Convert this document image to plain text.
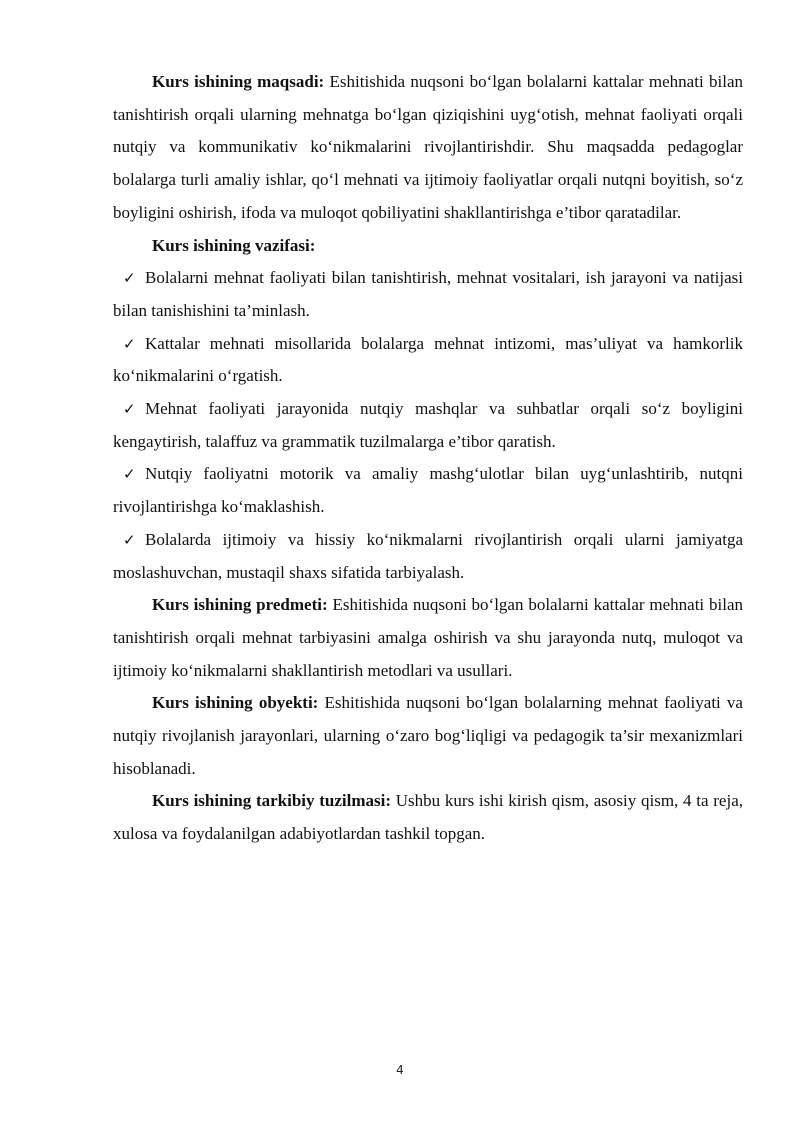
Kurs ishining maqsadi: Eshitishida nuqsoni bo‘lgan bolalarni kattalar mehnati bilan tanishtirish orqali ularning mehnatga bo‘lgan qiziqishini uyg‘otish, mehnat faoliyati orqali nutqiy va kommunikativ ko‘nikmalarini rivojlantirishdir. Shu maqsadda pedagoglar bolalarga turli amaliy ishlar, qo‘l mehnati va ijtimoiy faoliyatlar orqali nutqni boyitish, so‘z boyligini oshirish, ifoda va muloqot qobiliyatini shakllantirishga e’tibor qaratadilar.

Kurs ishining vazifasi:

✓ Bolalarni mehnat faoliyati bilan tanishtirish, mehnat vositalari, ish jarayoni va natijasi bilan tanishishini ta’minlash.

✓ Kattalar mehnati misollarida bolalarga mehnat intizomi, mas’uliyat va hamkorlik ko‘nikmalarini o‘rgatish.

✓ Mehnat faoliyati jarayonida nutqiy mashqlar va suhbatlar orqali so‘z boyligini kengaytirish, talaffuz va grammatik tuzilmalarga e’tibor qaratish.

✓ Nutqiy faoliyatni motorik va amaliy mashg‘ulotlar bilan uyg‘unlashtirib, nutqni rivojlantirishga ko‘maklashish.

✓ Bolalarda ijtimoiy va hissiy ko‘nikmalarni rivojlantirish orqali ularni jamiyatga moslashuvchan, mustaqil shaxs sifatida tarbiyalash.

Kurs ishining predmeti: Eshitishida nuqsoni bo‘lgan bolalarni kattalar mehnati bilan tanishtirish orqali mehnat tarbiyasini amalga oshirish va shu jarayonda nutq, muloqot va ijtimoiy ko‘nikmalarni shakllantirish metodlari va usullari.

Kurs ishining obyekti: Eshitishida nuqsoni bo‘lgan bolalarning mehnat faoliyati va nutqiy rivojlanish jarayonlari, ularning o‘zaro bog‘liqligi va pedagogik ta’sir mexanizmlari hisoblanadi.

Kurs ishining tarkibiy tuzilmasi: Ushbu kurs ishi kirish qism, asosiy qism, 4 ta reja, xulosa va foydalanilgan adabiyotlardan tashkil topgan.

4
